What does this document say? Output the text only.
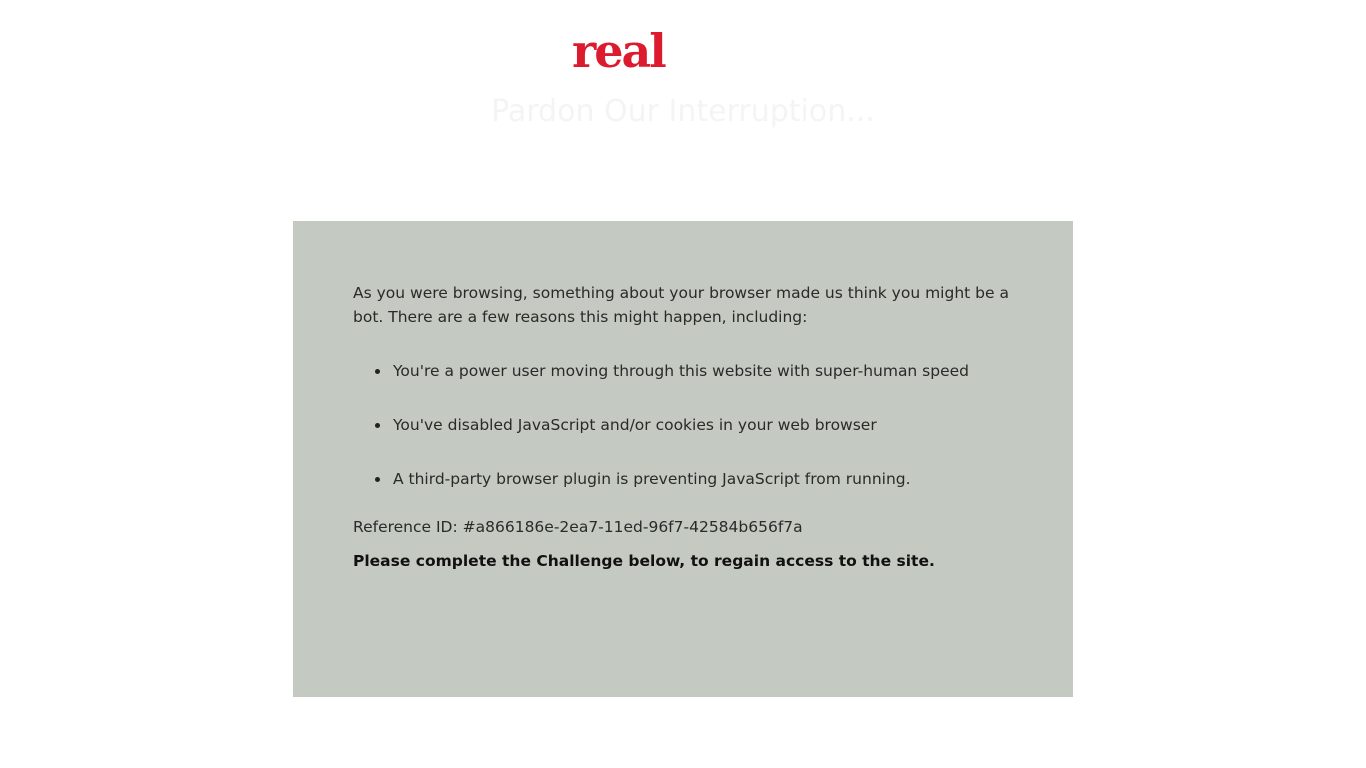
real
Pardon Our Interruption...

As you were browsing, something about your browser made us think you might be a bot. There are a few reasons this might happen, including:

You're a power user moving through this website with super-human speed
You've disabled JavaScript and/or cookies in your web browser
A third-party browser plugin is preventing JavaScript from running.

Reference ID: #a866186e-2ea7-11ed-96f7-42584b656f7a

Please complete the Challenge below, to regain access to the site.
